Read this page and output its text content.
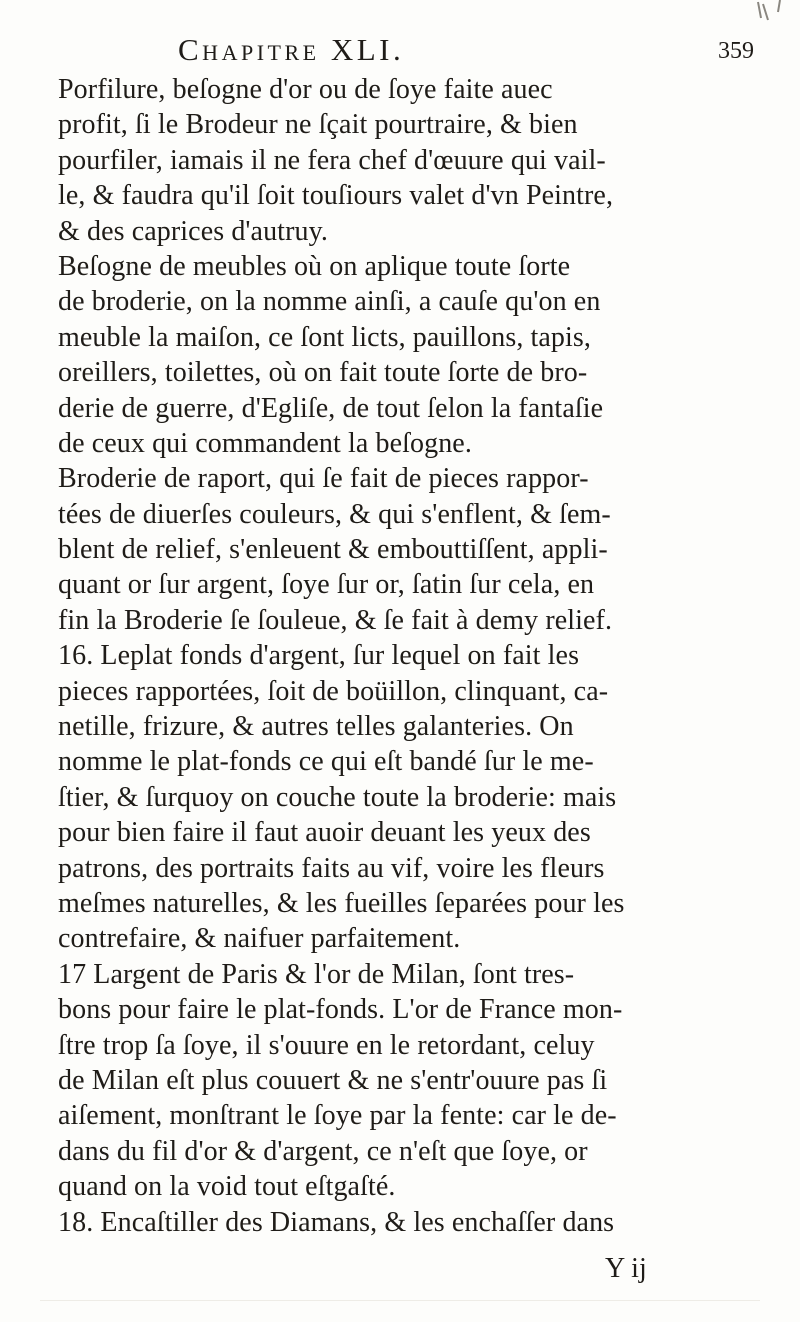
Chapitre XLI.	359
Porfilure, beſogne d'or ou de ſoye faite auec
profit, ſi le Brodeur ne ſçait pourtraire, & bien
pourfiler, iamais il ne fera chef d'œuure qui vail-
le, & faudra qu'il ſoit touſiours valet d'vn Peintre,
& des caprices d'autruy.
Beſogne de meubles où on aplique toute ſorte
de broderie, on la nomme ainſi, a cauſe qu'on en
meuble la maiſon, ce ſont licts, pauillons, tapis,
oreillers, toilettes, où on fait toute ſorte de bro-
derie de guerre, d'Egliſe, de tout ſelon la fantaſie
de ceux qui commandent la beſogne.
Broderie de raport, qui ſe fait de pieces rappor-
tées de diuerſes couleurs, & qui s'enflent, & ſem-
blent de relief, s'enleuent & embouttiſſent, appli-
quant or ſur argent, ſoye ſur or, ſatin ſur cela, en
fin la Broderie ſe ſouleue, & ſe fait à demy relief.
16. Leplat fonds d'argent, ſur lequel on fait les
pieces rapportées, ſoit de boüillon, clinquant, ca-
netille, frizure, & autres telles galanteries. On
nomme le plat-fonds ce qui eſt bandé ſur le me-
ſtier, & ſurquoy on couche toute la broderie: mais
pour bien faire il faut auoir deuant les yeux des
patrons, des portraits faits au vif, voire les fleurs
meſmes naturelles, & les fueilles ſeparées pour les
contrefaire, & naifuer parfaitement.
17 Largent de Paris & l'or de Milan, ſont tres-
bons pour faire le plat-fonds. L'or de France mon-
ſtre trop ſa ſoye, il s'ouure en le retordant, celuy
de Milan eſt plus couuert & ne s'entr'ouure pas ſi
aiſement, monſtrant le ſoye par la fente: car le de-
dans du fil d'or & d'argent, ce n'eſt que ſoye, or
quand on la void tout eſtgaſté.
18. Encaſtiller des Diamans, & les enchaſſer dans
Y ij
